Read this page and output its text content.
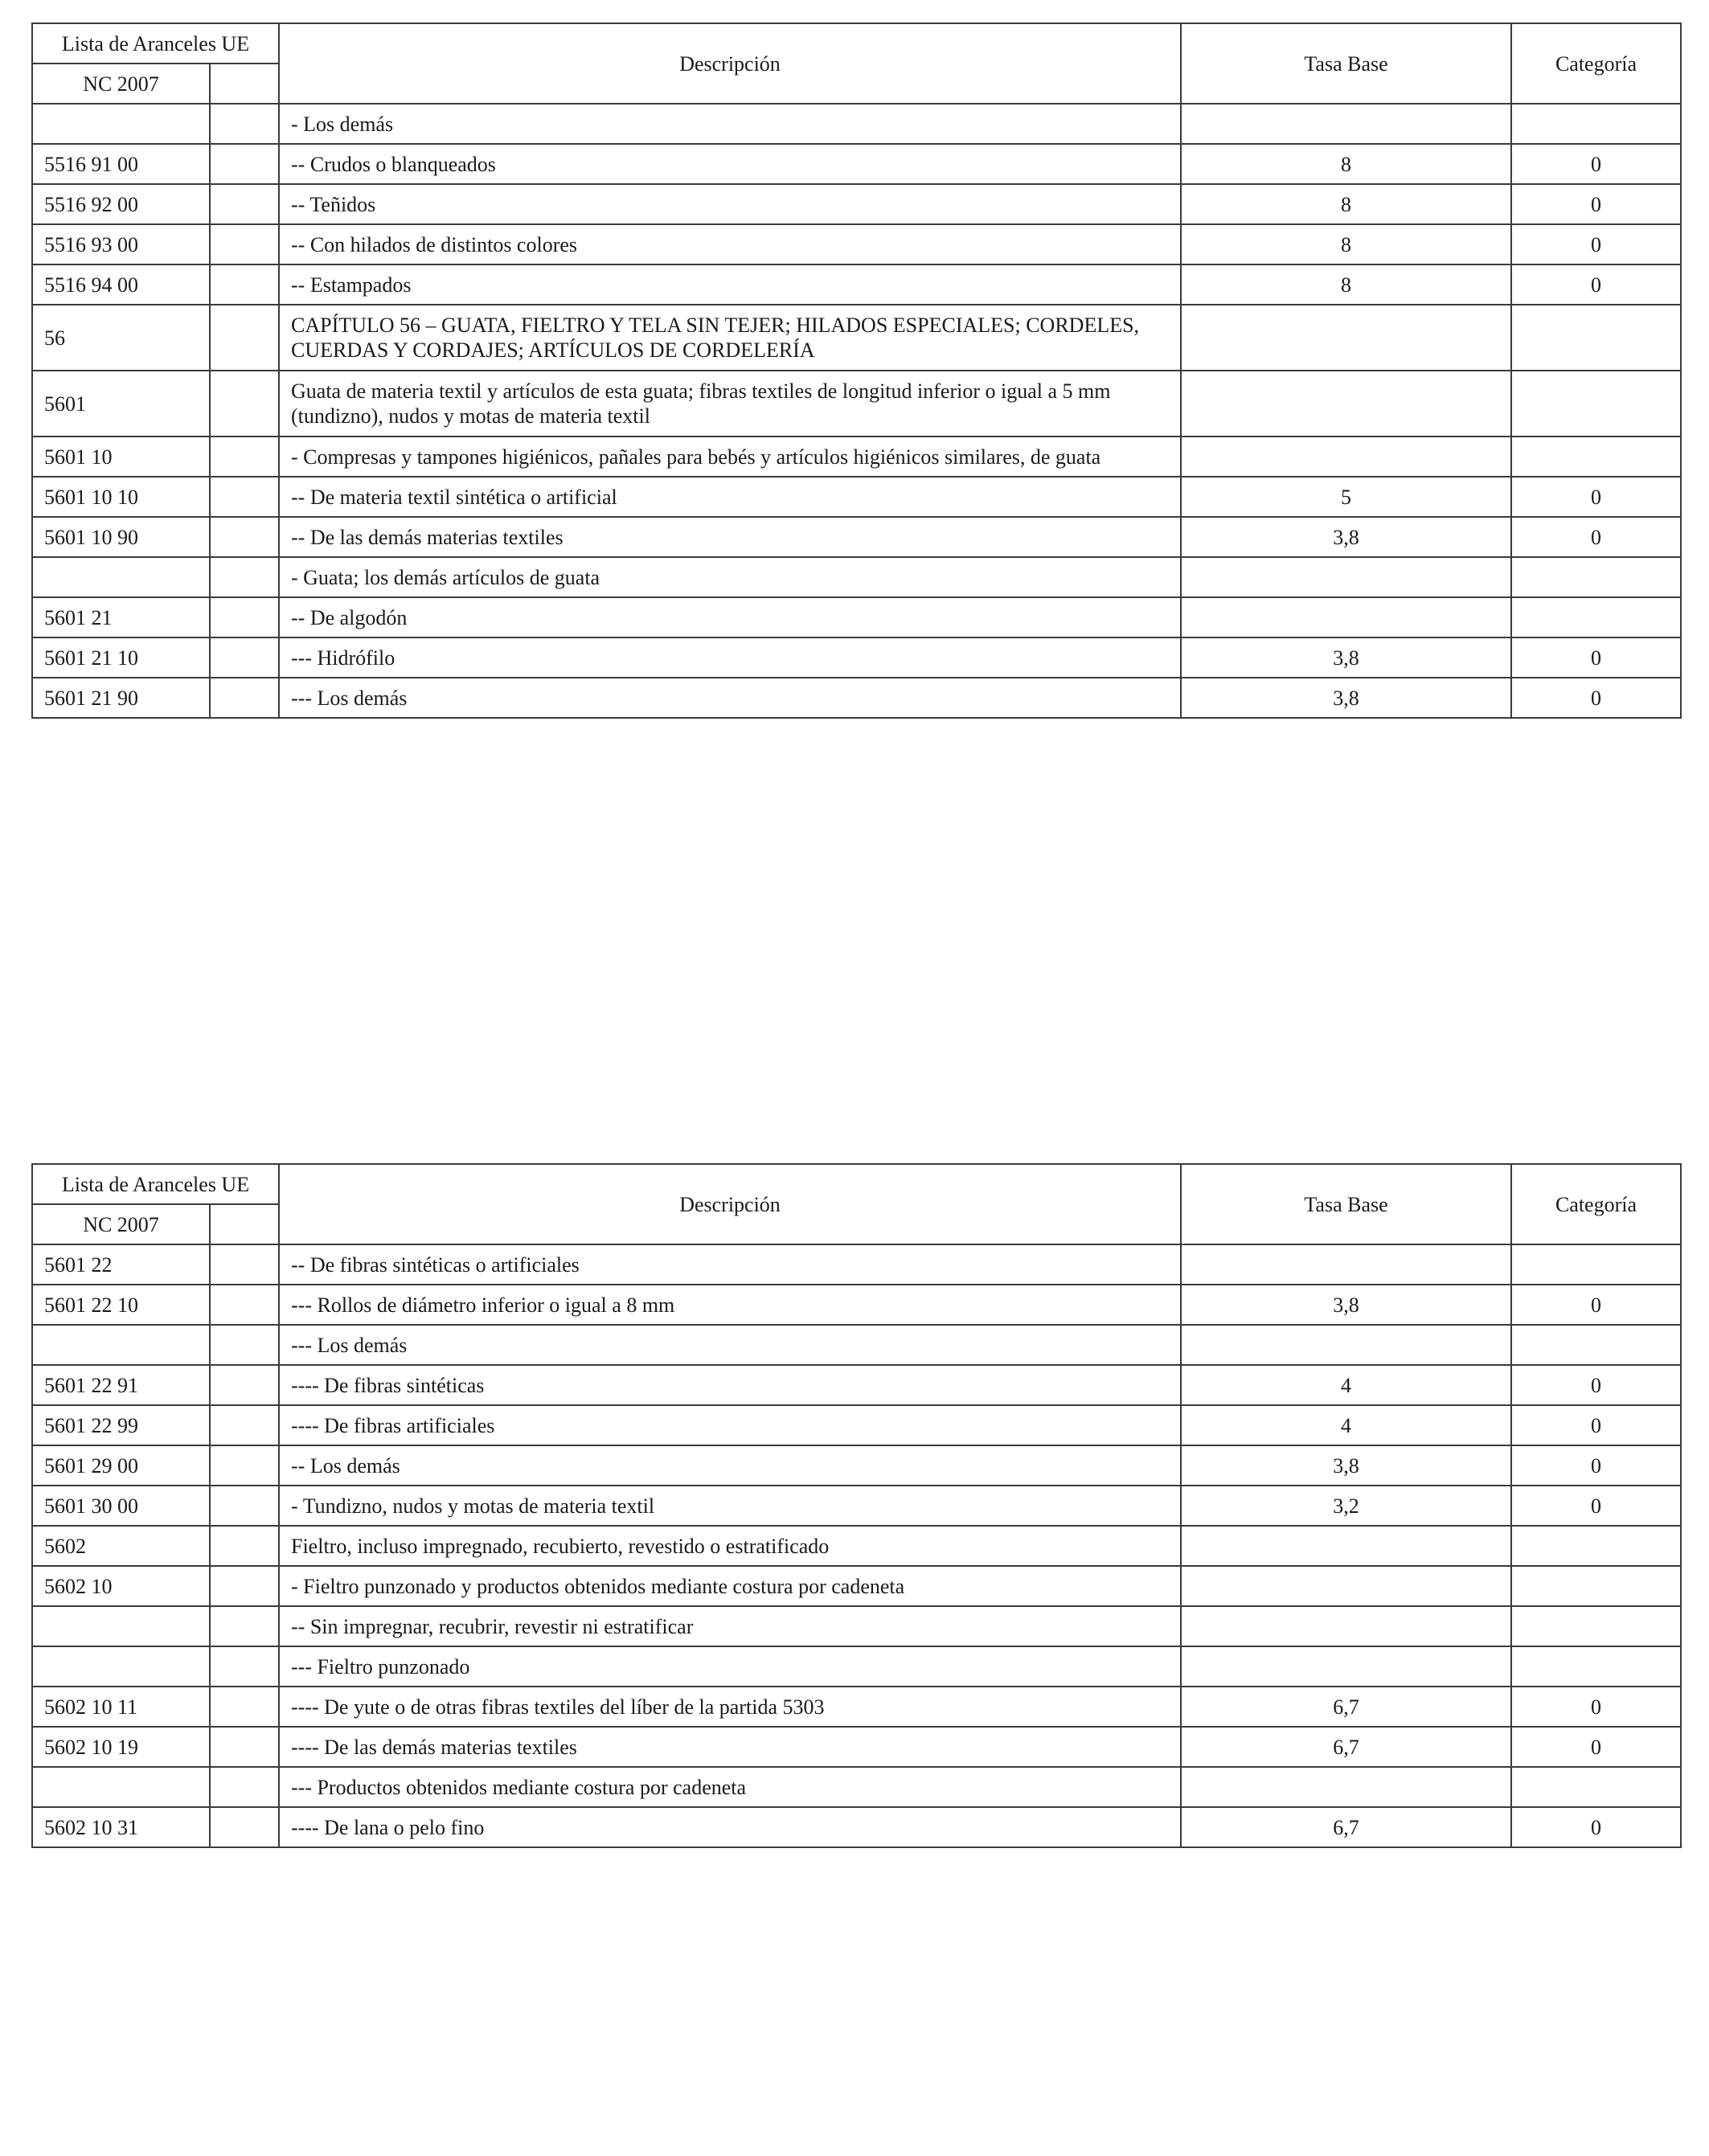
Lista de Aranceles UE		Descripción	Tasa Base	Categoría
NC 2007				
		- Los demás		
5516 91 00		-- Crudos o blanqueados	8	0
5516 92 00		-- Teñidos	8	0
5516 93 00		-- Con hilados de distintos colores	8	0
5516 94 00		-- Estampados	8	0
56		CAPÍTULO 56 – GUATA, FIELTRO Y TELA SIN TEJER; HILADOS ESPECIALES; CORDELES, CUERDAS Y CORDAJES; ARTÍCULOS DE CORDELERÍA		
5601		Guata de materia textil y artículos de esta guata; fibras textiles de longitud inferior o igual a 5 mm (tundizno), nudos y motas de materia textil		
5601 10		- Compresas y tampones higiénicos, pañales para bebés y artículos higiénicos similares, de guata		
5601 10 10		-- De materia textil sintética o artificial	5	0
5601 10 90		-- De las demás materias textiles	3,8	0
		- Guata; los demás artículos de guata		
5601 21		-- De algodón		
5601 21 10		--- Hidrófilo	3,8	0
5601 21 90		--- Los demás	3,8	0
Lista de Aranceles UE		Descripción	Tasa Base	Categoría
NC 2007				
5601 22		-- De fibras sintéticas o artificiales		
5601 22 10		--- Rollos de diámetro inferior o igual a 8 mm	3,8	0
		--- Los demás		
5601 22 91		---- De fibras sintéticas	4	0
5601 22 99		---- De fibras artificiales	4	0
5601 29 00		-- Los demás	3,8	0
5601 30 00		- Tundizno, nudos y motas de materia textil	3,2	0
5602		Fieltro, incluso impregnado, recubierto, revestido o estratificado		
5602 10		- Fieltro punzonado y productos obtenidos mediante costura por cadeneta		
		-- Sin impregnar, recubrir, revestir ni estratificar		
		--- Fieltro punzonado		
5602 10 11		---- De yute o de otras fibras textiles del líber de la partida 5303	6,7	0
5602 10 19		---- De las demás materias textiles	6,7	0
		--- Productos obtenidos mediante costura por cadeneta		
5602 10 31		---- De lana o pelo fino	6,7	0
